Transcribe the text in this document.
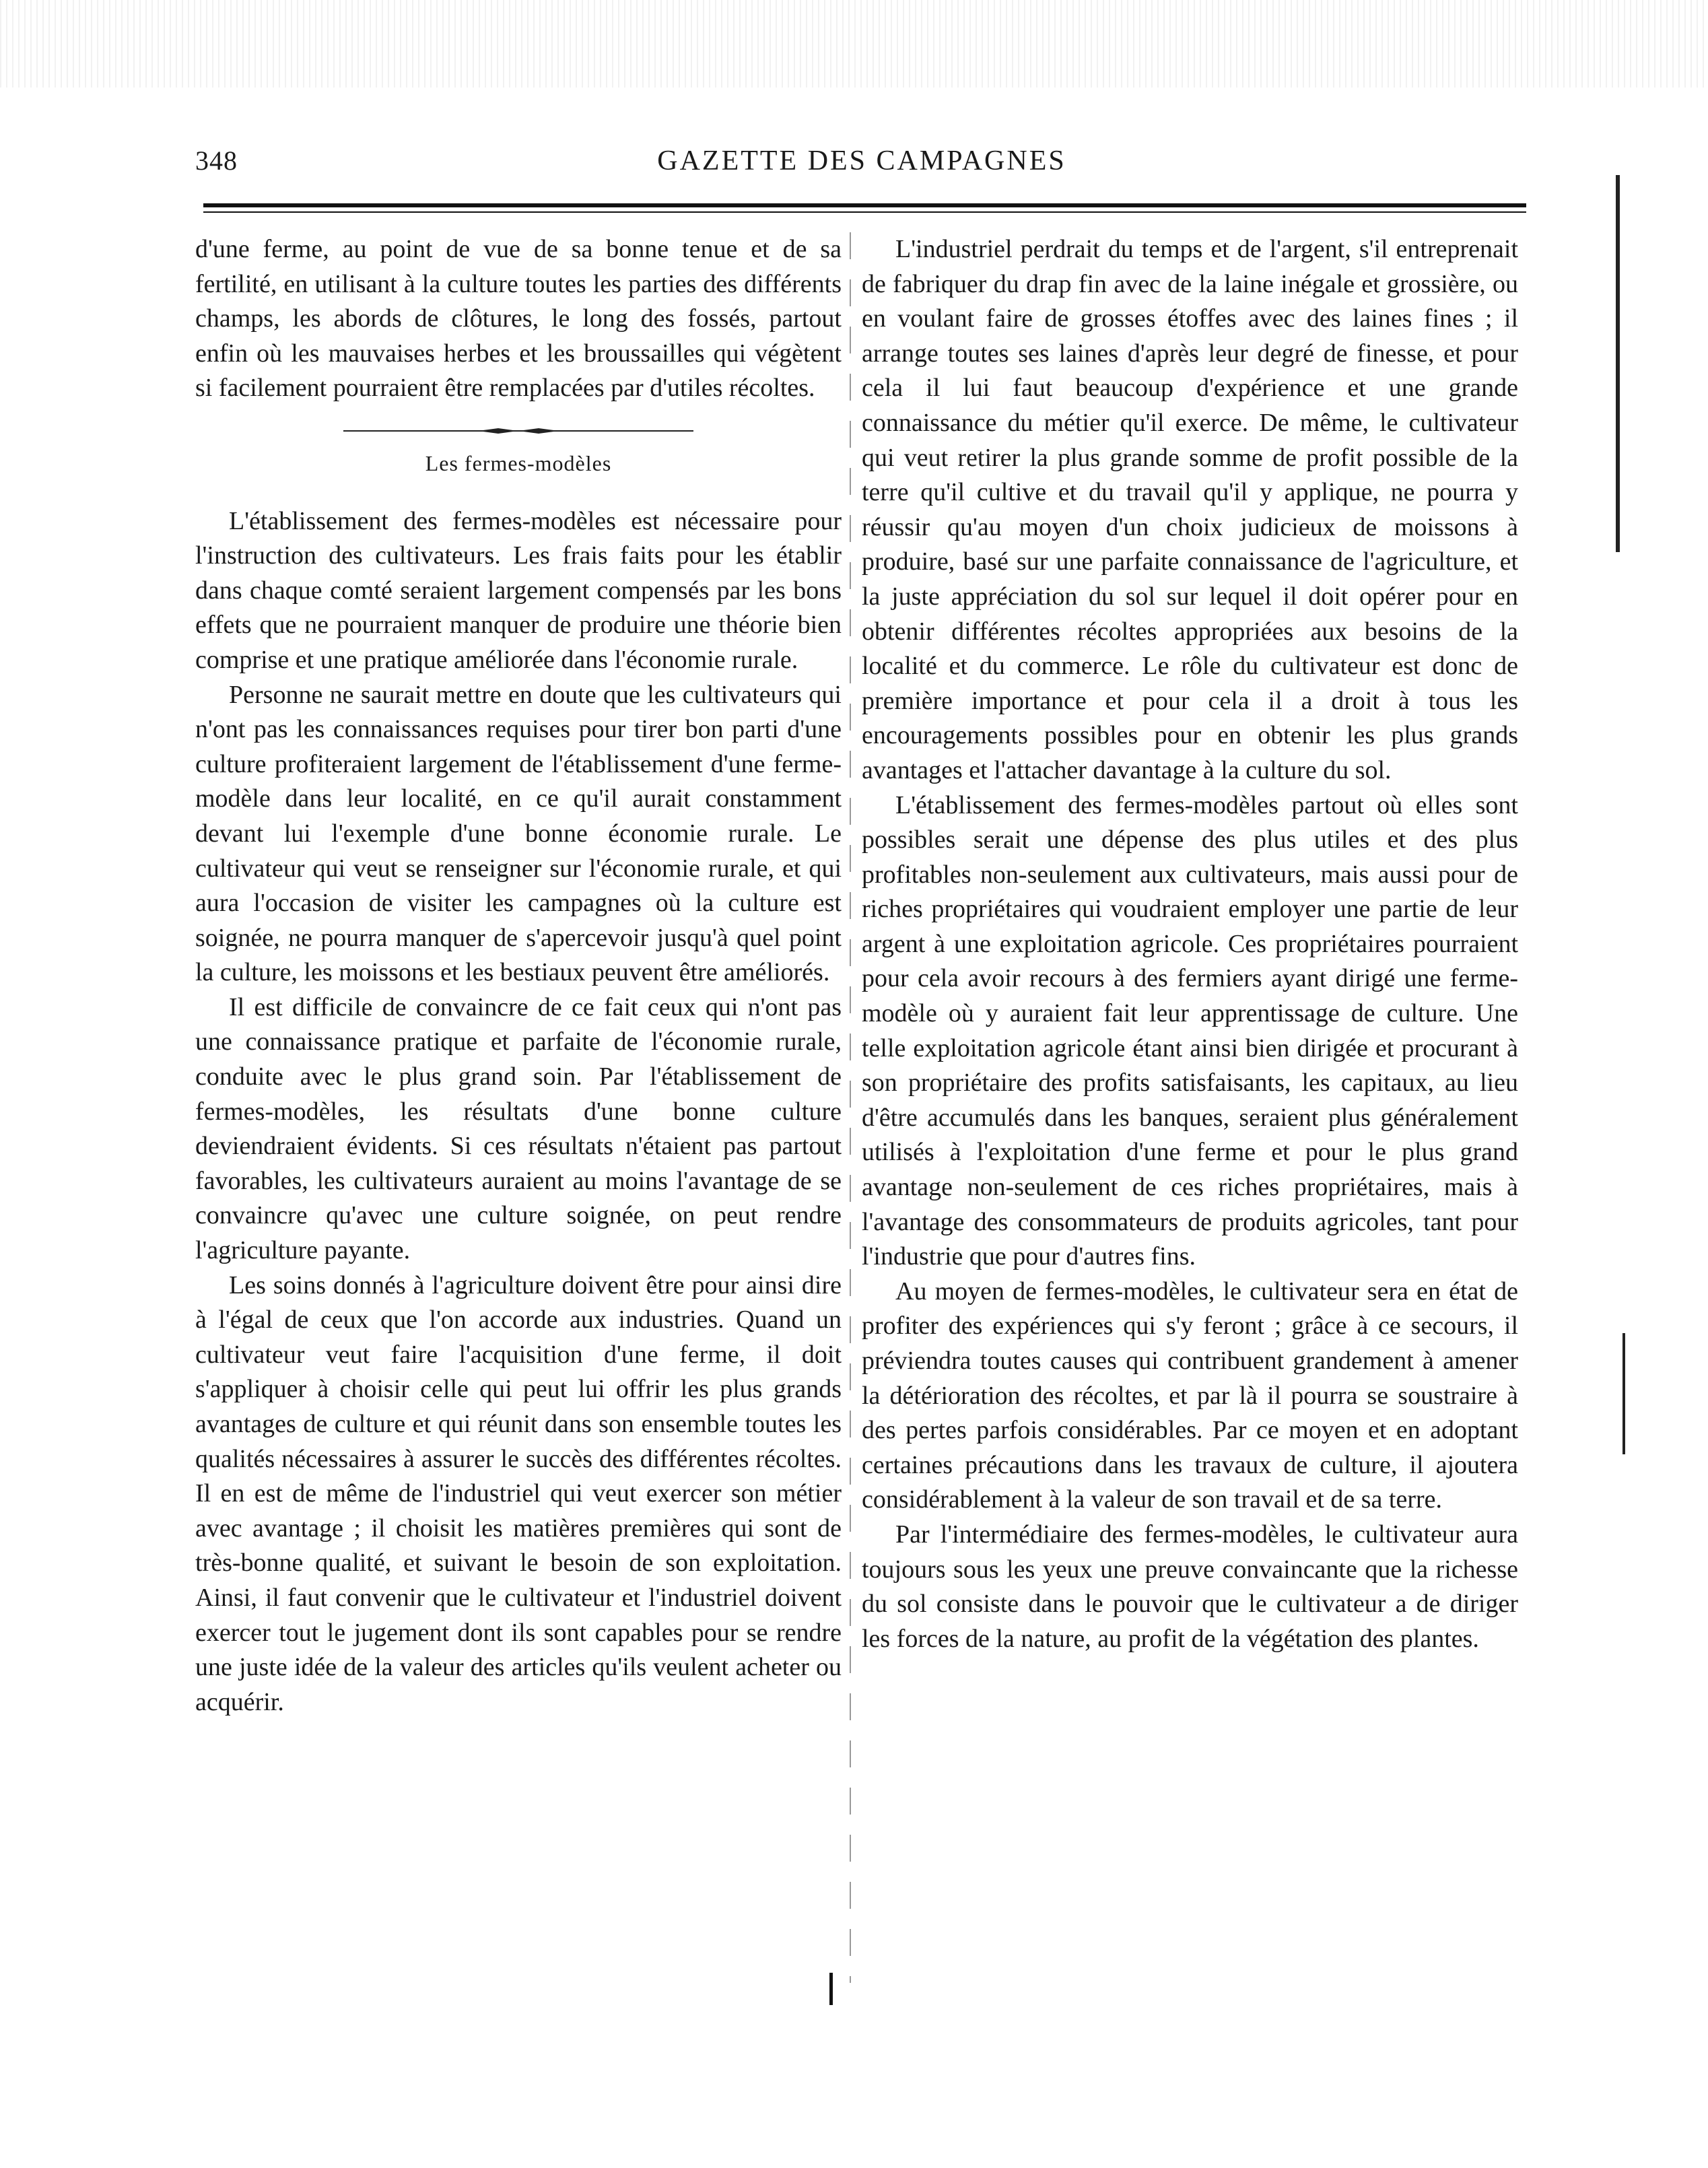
348	GAZETTE DES CAMPAGNES

d'une ferme, au point de vue de sa bonne tenue et de sa fertilité, en utilisant à la culture toutes les parties des différents champs, les abords de clôtures, le long des fossés, partout enfin où les mauvaises herbes et les broussailles qui végètent si facilement pourraient être remplacées par d'utiles récoltes.

Les fermes-modèles

L'établissement des fermes-modèles est nécessaire pour l'instruction des cultivateurs. Les frais faits pour les établir dans chaque comté seraient largement compensés par les bons effets que ne pourraient manquer de produire une théorie bien comprise et une pratique améliorée dans l'économie rurale.

Personne ne saurait mettre en doute que les cultivateurs qui n'ont pas les connaissances requises pour tirer bon parti d'une culture profiteraient largement de l'établissement d'une ferme-modèle dans leur localité, en ce qu'il aurait constamment devant lui l'exemple d'une bonne économie rurale. Le cultivateur qui veut se renseigner sur l'économie rurale, et qui aura l'occasion de visiter les campagnes où la culture est soignée, ne pourra manquer de s'apercevoir jusqu'à quel point la culture, les moissons et les bestiaux peuvent être améliorés.

Il est difficile de convaincre de ce fait ceux qui n'ont pas une connaissance pratique et parfaite de l'économie rurale, conduite avec le plus grand soin. Par l'établissement de fermes-modèles, les résultats d'une bonne culture deviendraient évidents. Si ces résultats n'étaient pas partout favorables, les cultivateurs auraient au moins l'avantage de se convaincre qu'avec une culture soignée, on peut rendre l'agriculture payante.

Les soins donnés à l'agriculture doivent être pour ainsi dire à l'égal de ceux que l'on accorde aux industries. Quand un cultivateur veut faire l'acquisition d'une ferme, il doit s'appliquer à choisir celle qui peut lui offrir les plus grands avantages de culture et qui réunit dans son ensemble toutes les qualités nécessaires à assurer le succès des différentes récoltes. Il en est de même de l'industriel qui veut exercer son métier avec avantage ; il choisit les matières premières qui sont de très-bonne qualité, et suivant le besoin de son exploitation. Ainsi, il faut convenir que le cultivateur et l'industriel doivent exercer tout le jugement dont ils sont capables pour se rendre une juste idée de la valeur des articles qu'ils veulent acheter ou acquérir.

L'industriel perdrait du temps et de l'argent, s'il entreprenait de fabriquer du drap fin avec de la laine inégale et grossière, ou en voulant faire de grosses étoffes avec des laines fines ; il arrange toutes ses laines d'après leur degré de finesse, et pour cela il lui faut beaucoup d'expérience et une grande connaissance du métier qu'il exerce. De même, le cultivateur qui veut retirer la plus grande somme de profit possible de la terre qu'il cultive et du travail qu'il y applique, ne pourra y réussir qu'au moyen d'un choix judicieux de moissons à produire, basé sur une parfaite connaissance de l'agriculture, et la juste appréciation du sol sur lequel il doit opérer pour en obtenir différentes récoltes appropriées aux besoins de la localité et du commerce. Le rôle du cultivateur est donc de première importance et pour cela il a droit à tous les encouragements possibles pour en obtenir les plus grands avantages et l'attacher davantage à la culture du sol.

L'établissement des fermes-modèles partout où elles sont possibles serait une dépense des plus utiles et des plus profitables non-seulement aux cultivateurs, mais aussi pour de riches propriétaires qui voudraient employer une partie de leur argent à une exploitation agricole. Ces propriétaires pourraient pour cela avoir recours à des fermiers ayant dirigé une ferme-modèle où y auraient fait leur apprentissage de culture. Une telle exploitation agricole étant ainsi bien dirigée et procurant à son propriétaire des profits satisfaisants, les capitaux, au lieu d'être accumulés dans les banques, seraient plus généralement utilisés à l'exploitation d'une ferme et pour le plus grand avantage non-seulement de ces riches propriétaires, mais à l'avantage des consommateurs de produits agricoles, tant pour l'industrie que pour d'autres fins.

Au moyen de fermes-modèles, le cultivateur sera en état de profiter des expériences qui s'y feront ; grâce à ce secours, il préviendra toutes causes qui contribuent grandement à amener la détérioration des récoltes, et par là il pourra se soustraire à des pertes parfois considérables. Par ce moyen et en adoptant certaines précautions dans les travaux de culture, il ajoutera considérablement à la valeur de son travail et de sa terre.

Par l'intermédiaire des fermes-modèles, le cultivateur aura toujours sous les yeux une preuve convaincante que la richesse du sol consiste dans le pouvoir que le cultivateur a de diriger les forces de la nature, au profit de la végétation des plantes.
